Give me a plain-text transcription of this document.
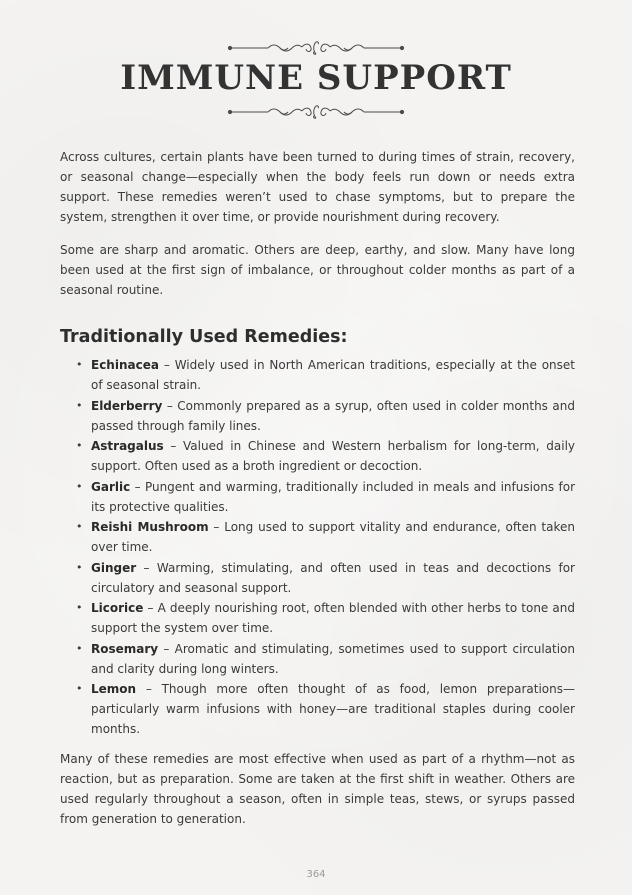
IMMUNE SUPPORT

Across cultures, certain plants have been turned to during times of strain, recovery, or seasonal change—especially when the body feels run down or needs extra support. These remedies weren’t used to chase symptoms, but to prepare the system, strengthen it over time, or provide nourishment during recovery.

Some are sharp and aromatic. Others are deep, earthy, and slow. Many have long been used at the first sign of imbalance, or throughout colder months as part of a seasonal routine.

Traditionally Used Remedies:
• Echinacea – Widely used in North American traditions, especially at the onset of seasonal strain.
• Elderberry – Commonly prepared as a syrup, often used in colder months and passed through family lines.
• Astragalus – Valued in Chinese and Western herbalism for long-term, daily support. Often used as a broth ingredient or decoction.
• Garlic – Pungent and warming, traditionally included in meals and infusions for its protective qualities.
• Reishi Mushroom – Long used to support vitality and endurance, often taken over time.
• Ginger – Warming, stimulating, and often used in teas and decoctions for circulatory and seasonal support.
• Licorice – A deeply nourishing root, often blended with other herbs to tone and support the system over time.
• Rosemary – Aromatic and stimulating, sometimes used to support circulation and clarity during long winters.
• Lemon – Though more often thought of as food, lemon preparations—particularly warm infusions with honey—are traditional staples during cooler months.

Many of these remedies are most effective when used as part of a rhythm—not as reaction, but as preparation. Some are taken at the first shift in weather. Others are used regularly throughout a season, often in simple teas, stews, or syrups passed from generation to generation.

364
